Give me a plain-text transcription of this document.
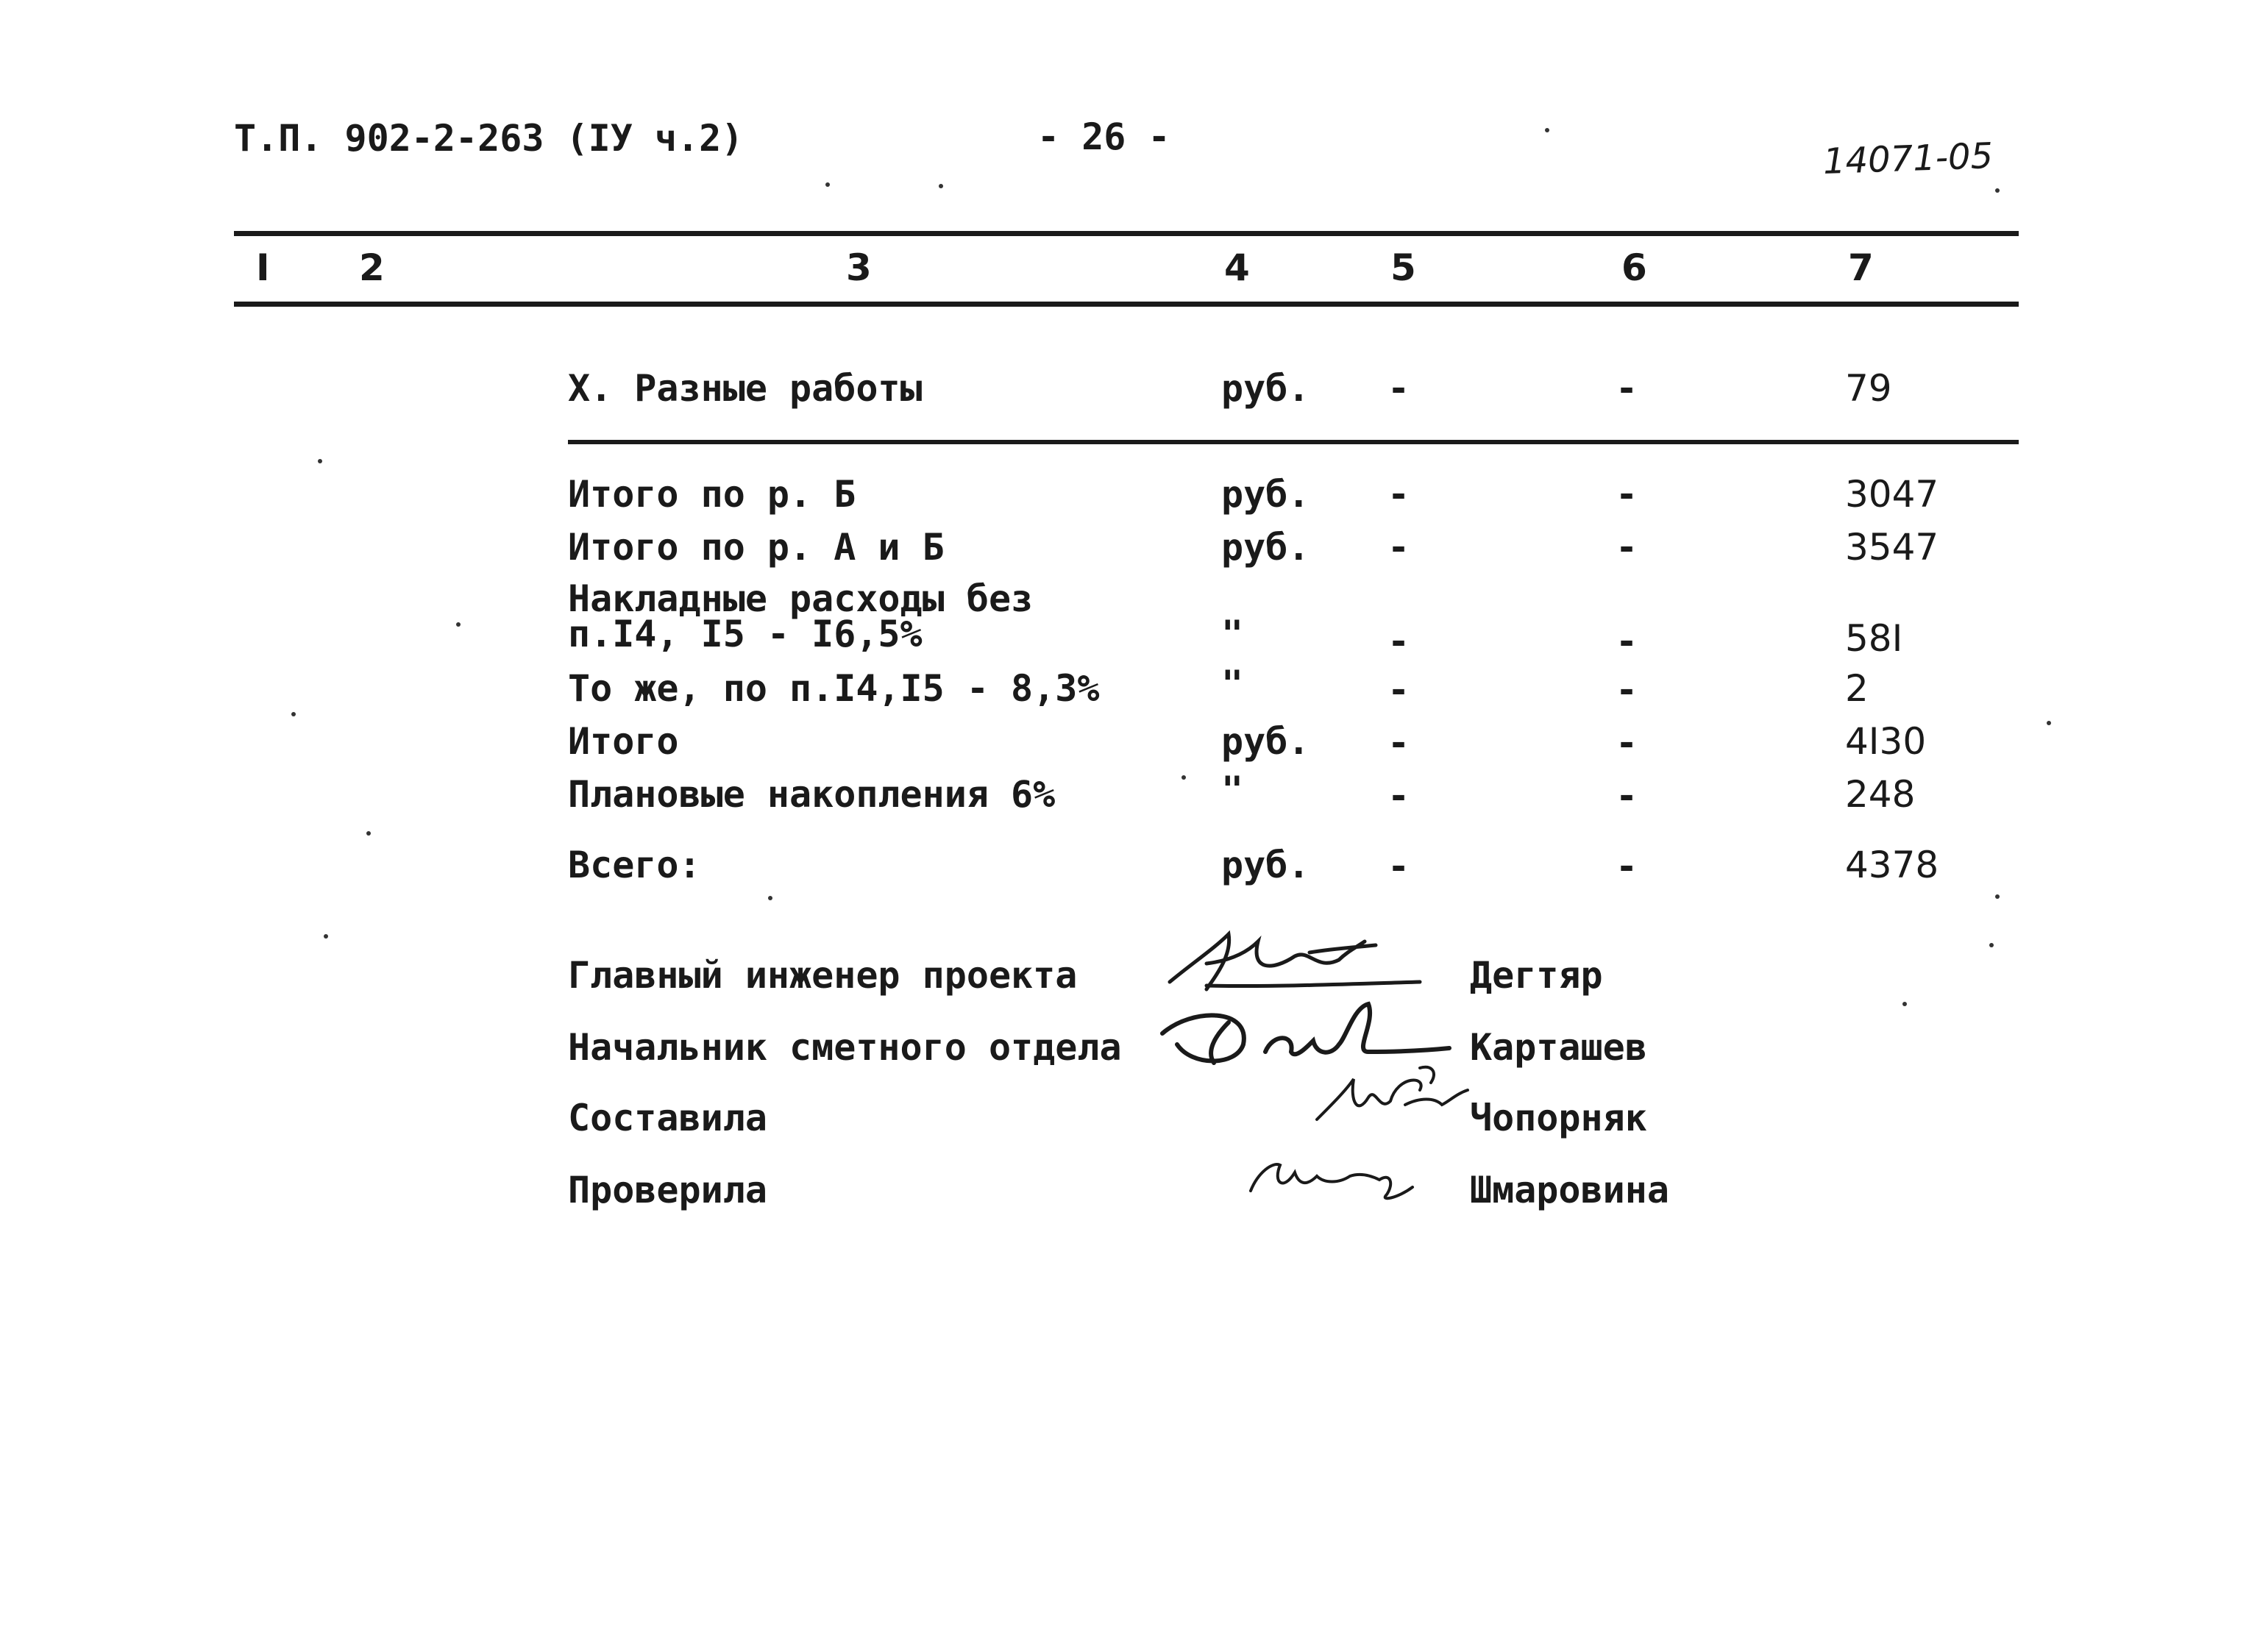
Т.П. 902-2-263 (IУ ч.2)	- 26 -	14071-05
I 2	3	4	5	6	7
Х. Разные работы	руб. -	-	79
Итого по р. Б	руб. -	-	3047
Итого по р. А и Б	руб. -	-	3547
Накладные расходы без
п.I4, I5 - I6,5%	"	-	-	58I
То же, по п.I4,I5 - 8,3%	"	-	-	2
Итого	руб. -	-	4I30
Плановые накопления 6%	"	-	-	248
Всего:	руб. -	-	4378
Главный инженер проекта	Дегтяр
Начальник сметного отдела	Карташев
Составила	Чопорняк
Проверила	Шмаровина
